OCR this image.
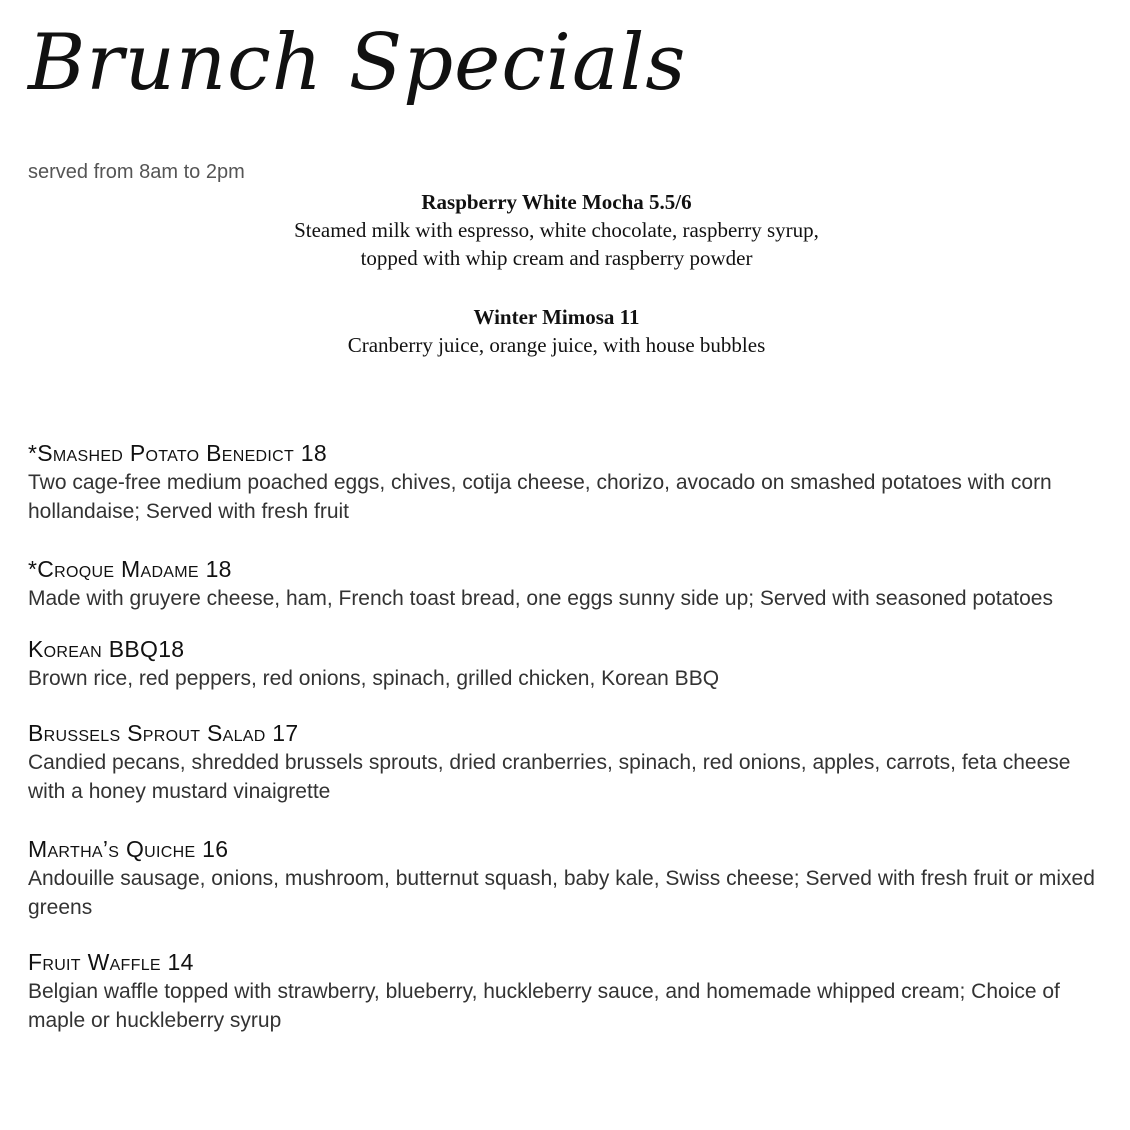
Brunch Specials
served from 8am to 2pm
Raspberry White Mocha 5.5/6
Steamed milk with espresso, white chocolate, raspberry syrup,
topped with whip cream and raspberry powder
Winter Mimosa 11
Cranberry juice, orange juice, with house bubbles
*Smashed Potato Benedict 18
Two cage-free medium poached eggs, chives, cotija cheese, chorizo, avocado on smashed potatoes with corn hollandaise; Served with fresh fruit
*Croque Madame 18
Made with gruyere cheese, ham, French toast bread, one eggs sunny side up; Served with seasoned potatoes
Korean BBQ18
Brown rice, red peppers, red onions, spinach, grilled chicken, Korean BBQ
Brussels Sprout Salad 17
Candied pecans, shredded brussels sprouts, dried cranberries, spinach, red onions, apples, carrots, feta cheese with a honey mustard vinaigrette
Martha’s Quiche 16
Andouille sausage, onions, mushroom, butternut squash, baby kale, Swiss cheese; Served with fresh fruit or mixed greens
Fruit Waffle 14
Belgian waffle topped with strawberry, blueberry, huckleberry sauce, and homemade whipped cream; Choice of maple or huckleberry syrup
